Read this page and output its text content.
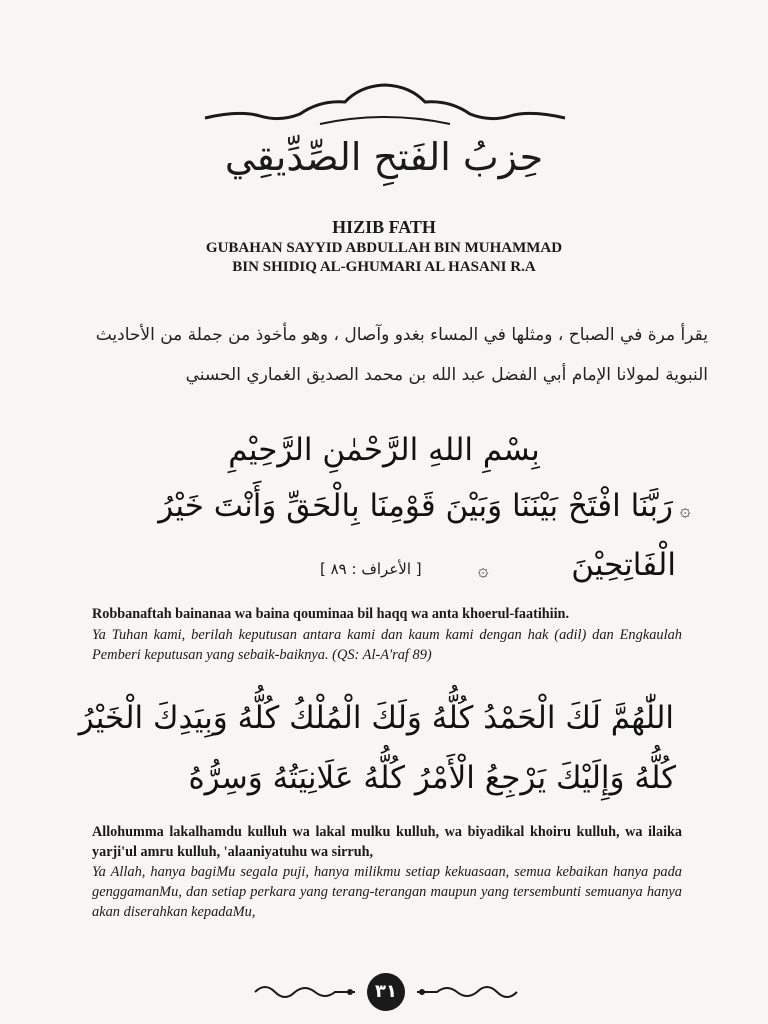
حِزبُ الفَتحِ الصِّدِّيقِي
HIZIB FATH
GUBAHAN SAYYID ABDULLAH BIN MUHAMMAD
BIN SHIDIQ AL-GHUMARI AL HASANI R.A
يقرأ مرة في الصباح ، ومثلها في المساء بغدو وآصال ، وهو مأخوذ من جملة من الأحاديث
النبوية لمولانا الإمام أبي الفضل عبد الله بن محمد الصديق الغماري الحسني
بِسْمِ اللهِ الرَّحْمٰنِ الرَّحِيْمِ
۞
رَبَّنَا افْتَحْ بَيْنَنَا وَبَيْنَ قَوْمِنَا بِالْحَقِّ وَأَنْتَ خَيْرُ
الْفَاتِحِيْنَ
۞
[ الأعراف : ٨٩ ]
Robbanaftah bainanaa wa baina qouminaa bil haqq wa anta khoerul-faatihiin.
Ya Tuhan kami, berilah keputusan antara kami dan kaum kami dengan hak (adil) dan Engkaulah Pemberi keputusan yang sebaik-baiknya. (QS: Al-A'raf 89)
اللّٰهُمَّ لَكَ الْحَمْدُ كُلُّهُ وَلَكَ الْمُلْكُ كُلُّهُ وَبِيَدِكَ الْخَيْرُ
كُلُّهُ وَإِلَيْكَ يَرْجِعُ الْأَمْرُ كُلُّهُ عَلَانِيَتُهُ وَسِرُّهُ
Allohumma lakalhamdu kulluh wa lakal mulku kulluh, wa biyadikal khoiru kulluh, wa ilaika yarji'ul amru kulluh, 'alaaniyatuhu wa sirruh,
Ya Allah, hanya bagiMu segala puji, hanya milikmu setiap kekuasaan, semua kebaikan hanya pada genggamanMu, dan setiap perkara yang terang-terangan maupun yang tersembunti semuanya hanya akan diserahkan kepadaMu,
٣١
